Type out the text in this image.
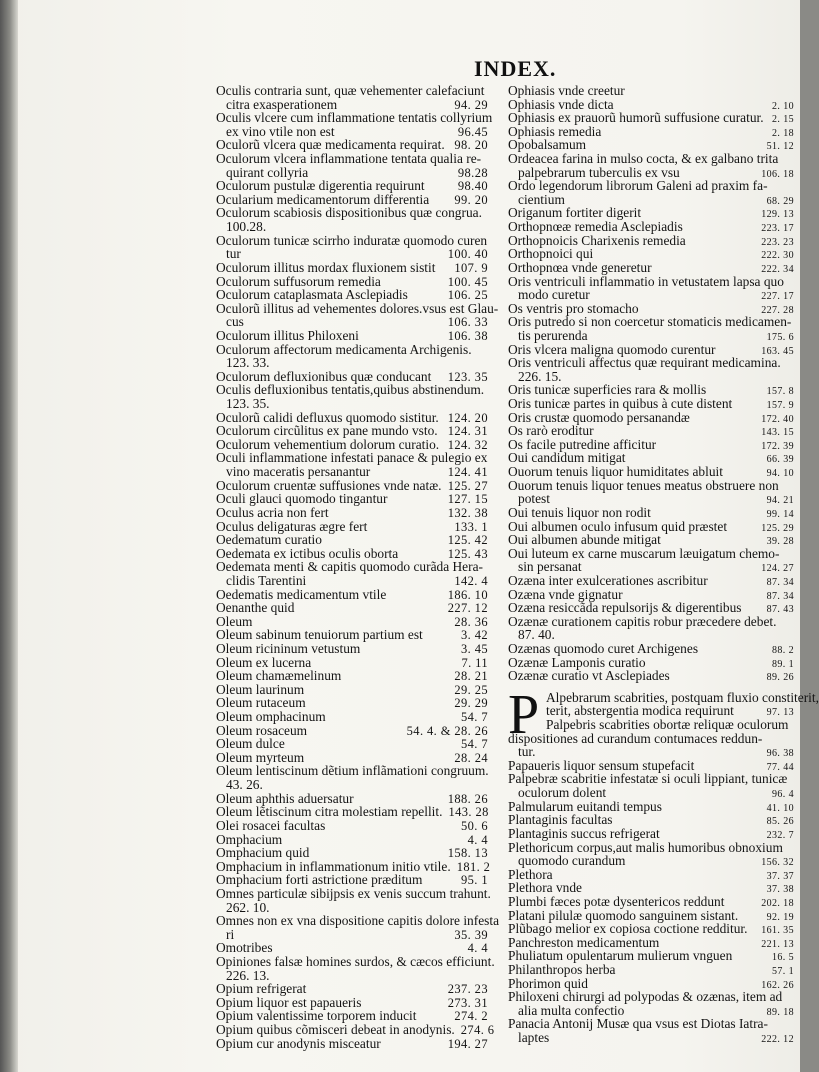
INDEX.
Oculis contraria sunt, quæ vehementer calefaciunt
citra exasperationem	94. 29
Oculis vlcere cum inflammatione tentatis collyrium
ex vino vtile non est	96.45
Oculorũ vlcera quæ medicamenta requirat. 98. 20
Oculorum vlcera inflammatione tentata qualia re-
quirant collyria	98.28
Oculorum pustulæ digerentia requirunt	98.40
Ocularium medicamentorum differentia	99. 20
Oculorum scabiosis dispositionibus quæ congrua.
100.28.
Oculorum tunicæ scirrho induratæ quomodo curen
tur	100. 40
Oculorum illitus mordax fluxionem sistit	107. 9
Oculorum suffusorum remedia	100. 45
Oculorum cataplasmata Asclepiadis	106. 25
Oculorũ illitus ad vehementes dolores.vsus est Glau-
cus	106. 33
Oculorum illitus Philoxeni	106. 38
Oculorum affectorum medicamenta Archigenis.
123. 33.
Oculorum defluxionibus quæ conducant	123. 35
Oculis defluxionibus tentatis,quibus abstinendum.
123. 35.
Oculorũ calidi defluxus quomodo sistitur. 124. 20
Oculorum circũlitus ex pane mundo vsto. 124. 31
Oculorum vehementium dolorum curatio. 124. 32
Oculi inflammatione infestati panace & pulegio ex
vino maceratis persanantur	124. 41
Oculorum cruentæ suffusiones vnde natæ. 125. 27
Oculi glauci quomodo tingantur	127. 15
Oculus acria non fert	132. 38
Oculus deligaturas ægre fert	133. 1
Oedematum curatio	125. 42
Oedemata ex ictibus oculis oborta	125. 43
Oedemata menti & capitis quomodo curãda Hera-
clidis Tarentini	142. 4
Oedematis medicamentum vtile	186. 10
Oenanthe quid	227. 12
Oleum	28. 36
Oleum sabinum tenuiorum partium est	3. 42
Oleum ricininum vetustum	3. 45
Oleum ex lucerna	7. 11
Oleum chamæmelinum	28. 21
Oleum laurinum	29. 25
Oleum rutaceum	29. 29
Oleum omphacinum	54. 7
Oleum rosaceum	54. 4. & 28. 26
Oleum dulce	54. 7
Oleum myrteum	28. 24
Oleum lentiscinum dẽtium inflãmationi congruum.
43. 26.
Oleum aphthis aduersatur	188. 26
Oleum lẽtiscinum citra molestiam repellit. 143. 28
Olei rosacei facultas	50. 6
Omphacium	4. 4
Omphacium quid	158. 13
Omphacium in inflammationum initio vtile. 181. 2
Omphacium forti astrictione præditum	95. 1
Omnes particulæ sibijpsis ex venis succum trahunt.
262. 10.
Omnes non ex vna dispositione capitis dolore infesta
ri	35. 39
Omotribes	4. 4
Opiniones falsæ homines surdos, & cæcos efficiunt.
226. 13.
Opium refrigerat	237. 23
Opium liquor est papaueris	273. 31
Opium valentissime torporem inducit	274. 2
Opium quibus cõmisceri debeat in anodynis. 274. 6
Opium cur anodynis misceatur	194. 27
Ophiasis vnde creetur
Ophiasis vnde dicta	2. 10
Ophiasis ex prauorũ humorũ suffusione curatur. 2. 15
Ophiasis remedia	2. 18
Opobalsamum	51. 12
Ordeacea farina in mulso cocta, & ex galbano trita
palpebrarum tuberculis ex vsu	106. 18
Ordo legendorum librorum Galeni ad praxim fa-
cientium	68. 29
Origanum fortiter digerit	129. 13
Orthopnœæ remedia Asclepiadis	223. 17
Orthopnoicis Charixenis remedia	223. 23
Orthopnoici qui	222. 30
Orthopnœa vnde generetur	222. 34
Oris ventriculi inflammatio in vetustatem lapsa quo
modo curetur	227. 17
Os ventris pro stomacho	227. 28
Oris putredo si non coercetur stomaticis medicamen-
tis perurenda	175. 6
Oris vlcera maligna quomodo curentur	163. 45
Oris ventriculi affectus quæ requirant medicamina.
226. 15.
Oris tunicæ superficies rara & mollis	157. 8
Oris tunicæ partes in quibus à cute distent	157. 9
Oris crustæ quomodo persanandæ	172. 40
Os rarò eroditur	143. 15
Os facile putredine afficitur	172. 39
Oui candidum mitigat	66. 39
Ouorum tenuis liquor humiditates abluit	94. 10
Ouorum tenuis liquor tenues meatus obstruere non
potest	94. 21
Oui tenuis liquor non rodit	99. 14
Oui albumen oculo infusum quid præstet	125. 29
Oui albumen abunde mitigat	39. 28
Oui luteum ex carne muscarum læuigatum chemo-
sin persanat	124. 27
Ozæna inter exulcerationes ascribitur	87. 34
Ozæna vnde gignatur	87. 34
Ozæna resiccãda repulsorijs & digerentibus	87. 43
Ozænæ curationem capitis robur præcedere debet.
87. 40.
Ozænas quomodo curet Archigenes	88. 2
Ozænæ Lamponis curatio	89. 1
Ozænæ curatio vt Asclepiades	89. 26
P Alpebrarum scabrities, postquam fluxio constiterit,
terit, abstergentia modica requirunt	97. 13
Palpebris scabrities obortæ reliquæ oculorum
dispositiones ad curandum contumaces reddun-
tur.	96. 38
Papaueris liquor sensum stupefacit	77. 44
Palpebræ scabritie infestatæ si oculi lippiant, tunicæ
oculorum dolent	96. 4
Palmularum euitandi tempus	41. 10
Plantaginis facultas	85. 26
Plantaginis succus refrigerat	232. 7
Plethoricum corpus,aut malis humoribus obnoxium
quomodo curandum	156. 32
Plethora	37. 37
Plethora vnde	37. 38
Plumbi fæces potæ dysentericos reddunt	202. 18
Platani pilulæ quomodo sanguinem sistant.	92. 19
Plũbago melior ex copiosa coctione redditur.	161. 35
Panchreston medicamentum	221. 13
Phuliatum opulentarum mulierum vnguen	16. 5
Philanthropos herba	57. 1
Phorimon quid	162. 26
Philoxeni chirurgi ad polypodas & ozænas, item ad
alia multa confectio	89. 18
Panacia Antonij Musæ qua vsus est Diotas Iatra-
laptes	222. 12
